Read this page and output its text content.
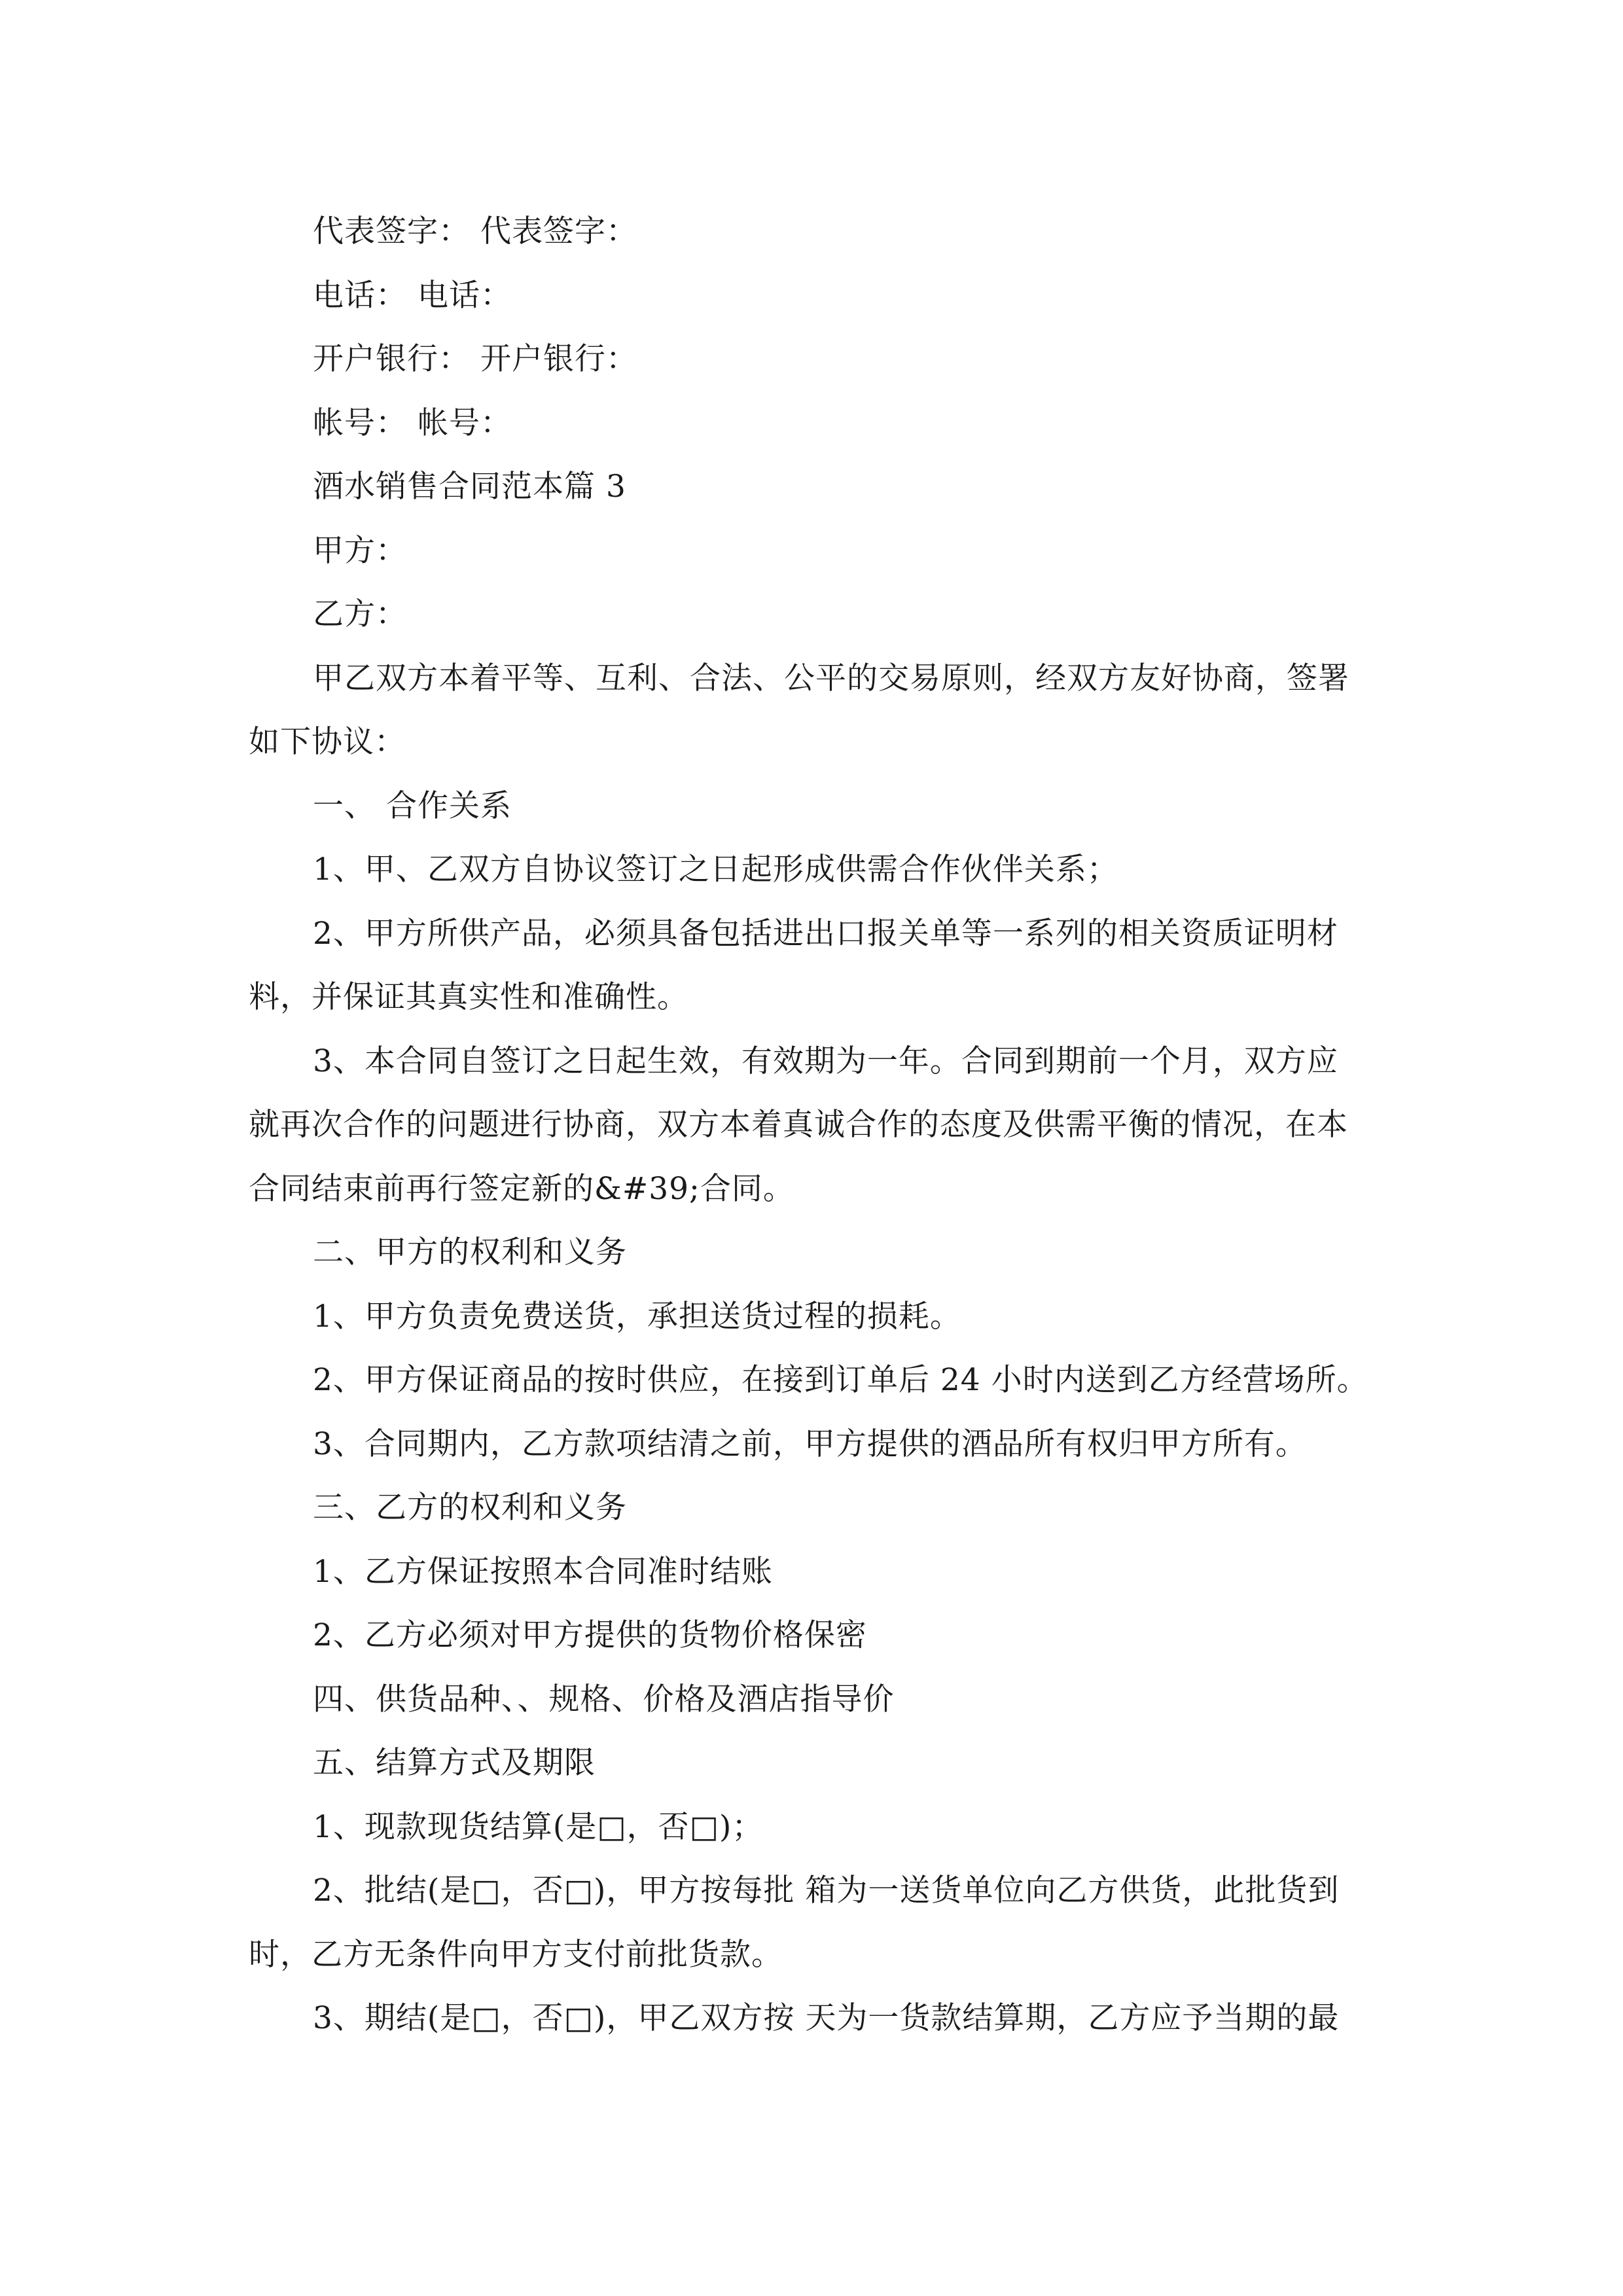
代表签字： 代表签字：
电话： 电话：
开户银行： 开户银行：
帐号： 帐号：
酒水销售合同范本篇 3
甲方：
乙方：
甲乙双方本着平等、互利、合法、公平的交易原则，经双方友好协商，签署
如下协议：
一、 合作关系
1、甲、乙双方自协议签订之日起形成供需合作伙伴关系；
2、甲方所供产品，必须具备包括进出口报关单等一系列的相关资质证明材
料，并保证其真实性和准确性。
3、本合同自签订之日起生效，有效期为一年。合同到期前一个月，双方应
就再次合作的问题进行协商，双方本着真诚合作的态度及供需平衡的情况，在本
合同结束前再行签定新的&#39;合同。
二、甲方的权利和义务
1、甲方负责免费送货，承担送货过程的损耗。
2、甲方保证商品的按时供应，在接到订单后 24 小时内送到乙方经营场所。
3、合同期内，乙方款项结清之前，甲方提供的酒品所有权归甲方所有。
三、乙方的权利和义务
1、乙方保证按照本合同准时结账
2、乙方必须对甲方提供的货物价格保密
四、供货品种、、规格、价格及酒店指导价
五、结算方式及期限
1、现款现货结算(是□，否□)；
2、批结(是□，否□)，甲方按每批 箱为一送货单位向乙方供货，此批货到
时，乙方无条件向甲方支付前批货款。
3、期结(是□，否□)，甲乙双方按 天为一货款结算期，乙方应予当期的最
